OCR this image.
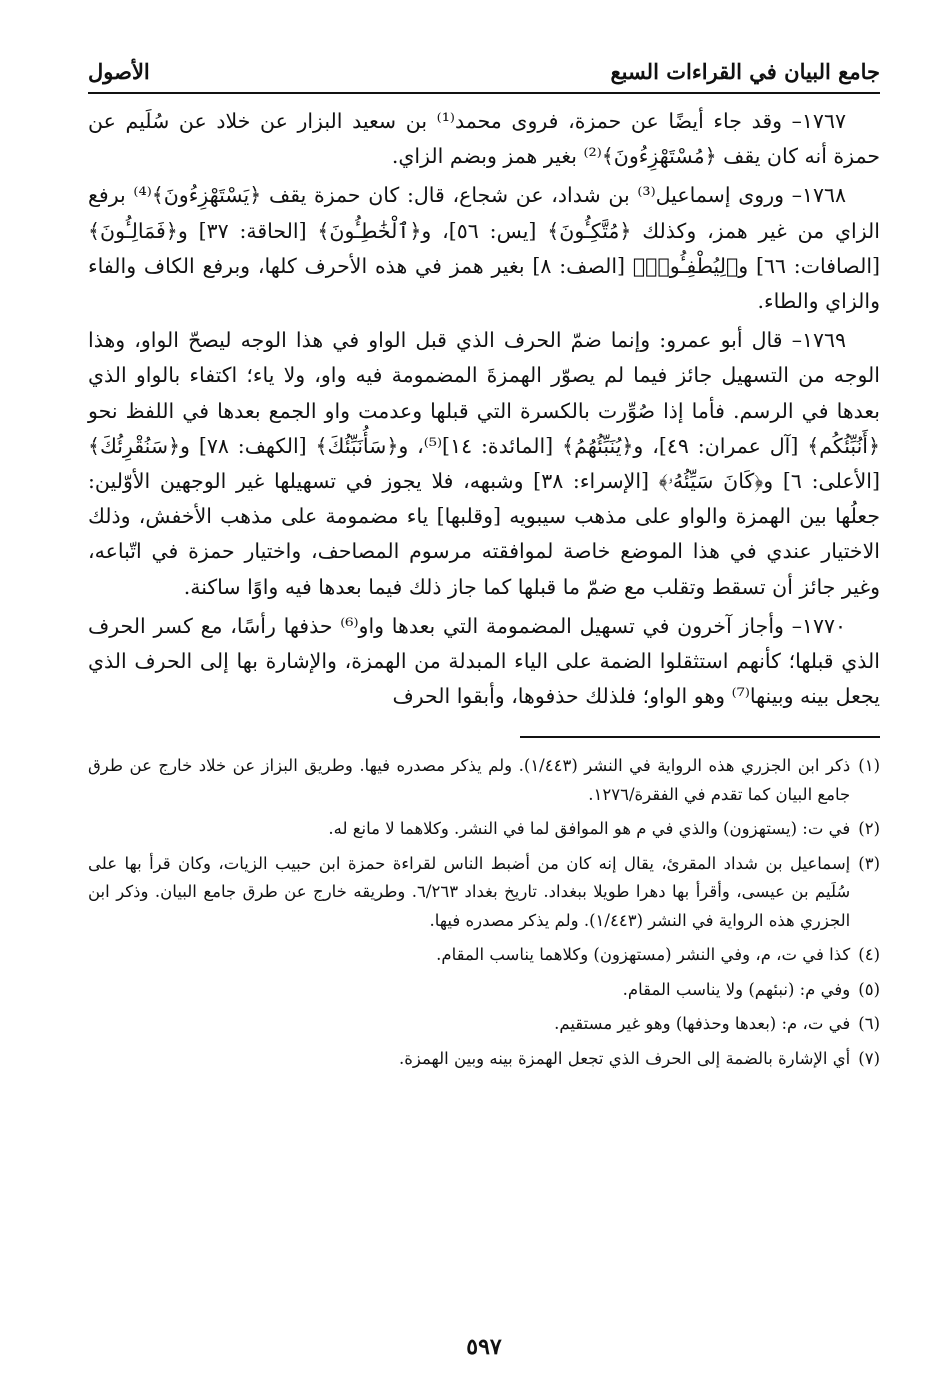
جامع البيان في القراءات السبع
الأصول

١٧٦٧– وقد جاء أيضًا عن حمزة، فروى محمد⁽¹⁾ بن سعيد البزار عن خلاد عن سُلَيم عن حمزة أنه كان يقف ﴿مُسْتَهْزِءُونَ﴾⁽²⁾ بغير همز وبضم الزاي.

١٧٦٨– وروى إسماعيل⁽³⁾ بن شداد، عن شجاع، قال: كان حمزة يقف ﴿يَسْتَهْزِءُونَ﴾⁽⁴⁾ برفع الزاي من غير همز، وكذلك ﴿مُتَّكِـُٔونَ﴾ [يس: ٥٦]، و﴿ٱلْخَٰطِـُٔونَ﴾ [الحاقة: ٣٧] و﴿فَمَالِـُٔونَ﴾ [الصافات: ٦٦] و﴿لِيُطْفِـُٔوا۟﴾ [الصف: ٨] بغير همز في هذه الأحرف كلها، وبرفع الكاف والفاء والزاي والطاء.

١٧٦٩– قال أبو عمرو: وإنما ضمّ الحرف الذي قبل الواو في هذا الوجه ليصحّ الواو، وهذا الوجه من التسهيل جائز فيما لم يصوّر الهمزةَ المضمومة فيه واو، ولا ياء؛ اكتفاء بالواو الذي بعدها في الرسم. فأما إذا صُوِّرت بالكسرة التي قبلها وعدمت واو الجمع بعدها في اللفظ نحو ﴿أَنُبِّئُكُم﴾ [آل عمران: ٤٩]، و﴿يُنَبِّئُهُمُ﴾ [المائدة: ١٤]⁽⁵⁾، و﴿سَأُنَبِّئُكَ﴾ [الكهف: ٧٨] و﴿سَنُقْرِئُكَ﴾ [الأعلى: ٦] و﴿كَانَ سَيِّئُهُۥ﴾ [الإسراء: ٣٨] وشبهه، فلا يجوز في تسهيلها غير الوجهين الأوّلين: جعلُها بين الهمزة والواو على مذهب سيبويه [وقلبها] ياء مضمومة على مذهب الأخفش، وذلك الاختيار عندي في هذا الموضع خاصة لموافقته مرسوم المصاحف، واختيار حمزة في اتّباعه، وغير جائز أن تسقط وتقلب مع ضمّ ما قبلها كما جاز ذلك فيما بعدها فيه واوًا ساكنة.

١٧٧٠– وأجاز آخرون في تسهيل المضمومة التي بعدها واو⁽⁶⁾ حذفها رأسًا، مع كسر الحرف الذي قبلها؛ كأنهم استثقلوا الضمة على الياء المبدلة من الهمزة، والإشارة بها إلى الحرف الذي يجعل بينه وبينها⁽⁷⁾ وهو الواو؛ فلذلك حذفوها، وأبقوا الحرف

(١)
ذكر ابن الجزري هذه الرواية في النشر (١/٤٤٣). ولم يذكر مصدره فيها. وطريق البزاز عن خلاد خارج عن طرق جامع البيان كما تقدم في الفقرة/١٢٧٦.
(٢)
في ت: (يستهزون) والذي في م هو الموافق لما في النشر. وكلاهما لا مانع له.
(٣)
إسماعيل بن شداد المقرئ، يقال إنه كان من أضبط الناس لقراءة حمزة ابن حبيب الزيات، وكان قرأ بها على سُلَيم بن عيسى، وأقرأ بها دهرا طويلا ببغداد. تاريخ بغداد ٦/٢٦٣. وطريقه خارج عن طرق جامع البيان. وذكر ابن الجزري هذه الرواية في النشر (١/٤٤٣). ولم يذكر مصدره فيها.
(٤)
كذا في ت، م، وفي النشر (مستهزون) وكلاهما يناسب المقام.
(٥)
وفي م: (نبئهم) ولا يناسب المقام.
(٦)
في ت، م: (بعدها وحذفها) وهو غير مستقيم.
(٧)
أي الإشارة بالضمة إلى الحرف الذي تجعل الهمزة بينه وبين الهمزة.
٥٩٧
